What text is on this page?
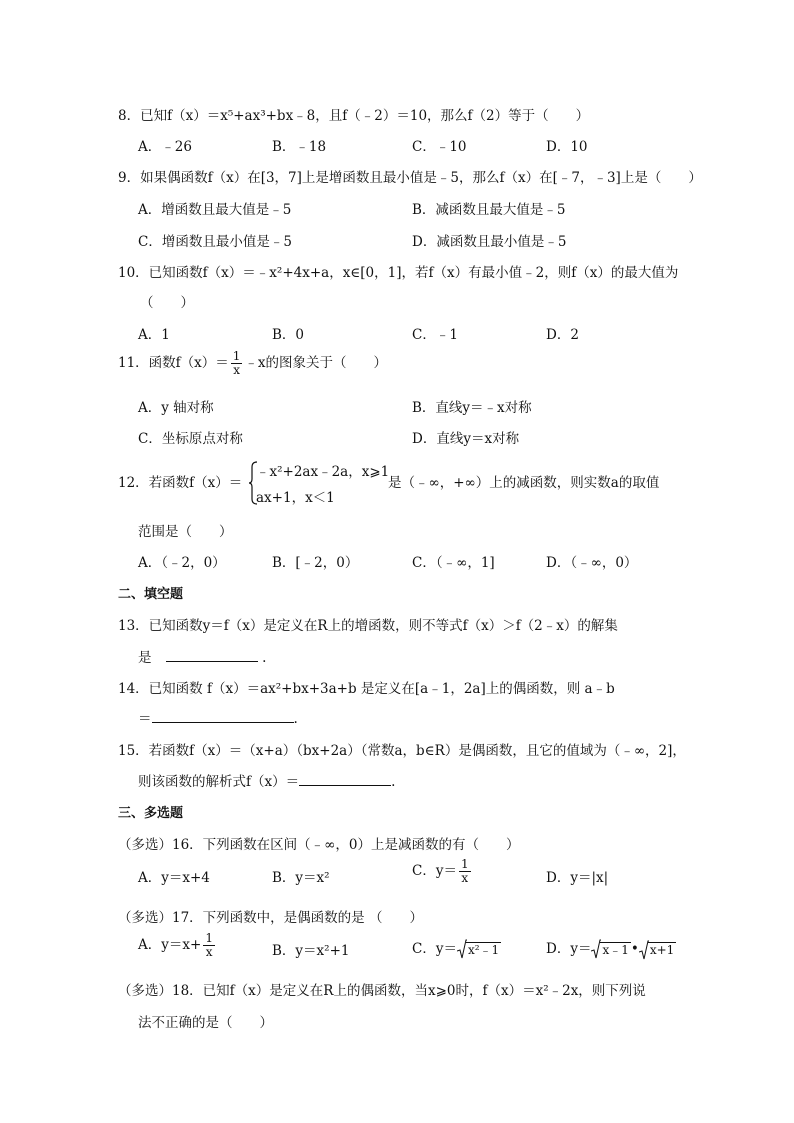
8．已知f（x）＝x⁵+ax³+bx﹣8，且f（﹣2）＝10，那么f（2）等于（　　）
A．﹣26	B．﹣18	C．﹣10	D．10
9．如果偶函数f（x）在[3，7]上是增函数且最小值是﹣5，那么f（x）在[﹣7，﹣3]上是（　　）
A．增函数且最大值是﹣5	B．减函数且最大值是﹣5
C．增函数且最小值是﹣5	D．减函数且最小值是﹣5
10．已知函数f（x）＝﹣x²+4x+a，x∈[0，1]，若f（x）有最小值﹣2，则f（x）的最大值为
（　　）
A．1	B．0	C．﹣1	D．2
11．函数$f(x)= \frac{1}{x}$ ﹣x的图象关于（　　）
A．y 轴对称	B．直线y＝﹣x对称
C．坐标原点对称	D．直线y＝x对称
12．若函数f（x）＝
﹣x²+2ax﹣2a，x⩾1
ax+1，x＜1
是（﹣∞，+∞）上的减函数，则实数a的取值
范围是（　　）
A．（﹣2，0）	B．[﹣2，0）	C．（﹣∞，1]	D．（﹣∞，0）
二、填空题
13．已知函数y＝f（x）是定义在R上的增函数，则不等式f（x）＞f（2﹣x）的解集
是	.
14．已知函数 f（x）＝ax²+bx+3a+b 是定义在[a﹣1，2a]上的偶函数，则 a﹣b
＝	.
15．若函数f（x）＝（x+a）（bx+2a）（常数a，b∈R）是偶函数，且它的值域为（﹣∞，2]，
则该函数的解析式f（x）＝	.
三、多选题
（多选）16．下列函数在区间（﹣∞，0）上是减函数的有（　　）
A．y＝x+4	B．y＝x²	C．$y= \frac{1}{x}$	D．y＝|x|
（多选）17．下列函数中，是偶函数的是 （　　）
A．$y=x+ \frac{1}{x}$	B．y＝x²+1	C．y＝ x²﹣1	D．y＝ x﹣1 • x+1
（多选）18．已知f（x）是定义在R上的偶函数，当x⩾0时，f（x）＝x²﹣2x，则下列说
法不正确的是（　　）
